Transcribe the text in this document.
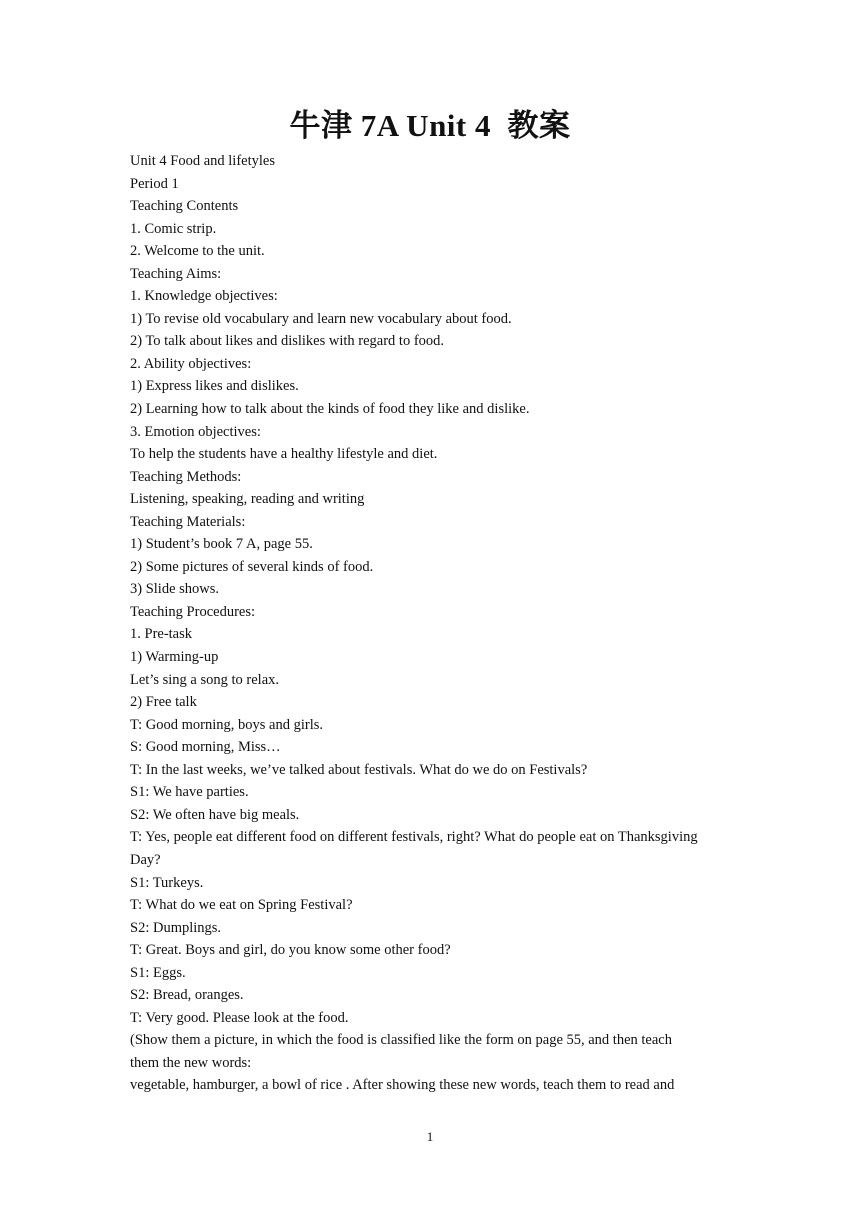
牛津 7A Unit 4  教案

Unit 4 Food and lifetyles

Period 1

Teaching Contents

1. Comic strip.

2. Welcome to the unit.

Teaching Aims:

1. Knowledge objectives:

1) To revise old vocabulary and learn new vocabulary about food.

2) To talk about likes and dislikes with regard to food.

2. Ability objectives:

1) Express likes and dislikes.

2) Learning how to talk about the kinds of food they like and dislike.

3. Emotion objectives:

To help the students have a healthy lifestyle and diet.

Teaching Methods:

Listening, speaking, reading and writing

Teaching Materials:

1) Student’s book 7 A, page 55.

2) Some pictures of several kinds of food.

3) Slide shows.

Teaching Procedures:

1. Pre-task

1) Warming-up

Let’s sing a song to relax.

2) Free talk

T: Good morning, boys and girls.

S: Good morning, Miss…

T: In the last weeks, we’ve talked about festivals. What do we do on Festivals?

S1: We have parties.

S2: We often have big meals.

T: Yes, people eat different food on different festivals, right? What do people eat on Thanksgiving

Day?

S1: Turkeys.

T: What do we eat on Spring Festival?

S2: Dumplings.

T: Great. Boys and girl, do you know some other food?

S1: Eggs.

S2: Bread, oranges.

T: Very good. Please look at the food.

(Show them a picture, in which the food is classified like the form on page 55, and then teach

them the new words:

vegetable, hamburger, a bowl of rice . After showing these new words, teach them to read and

1
